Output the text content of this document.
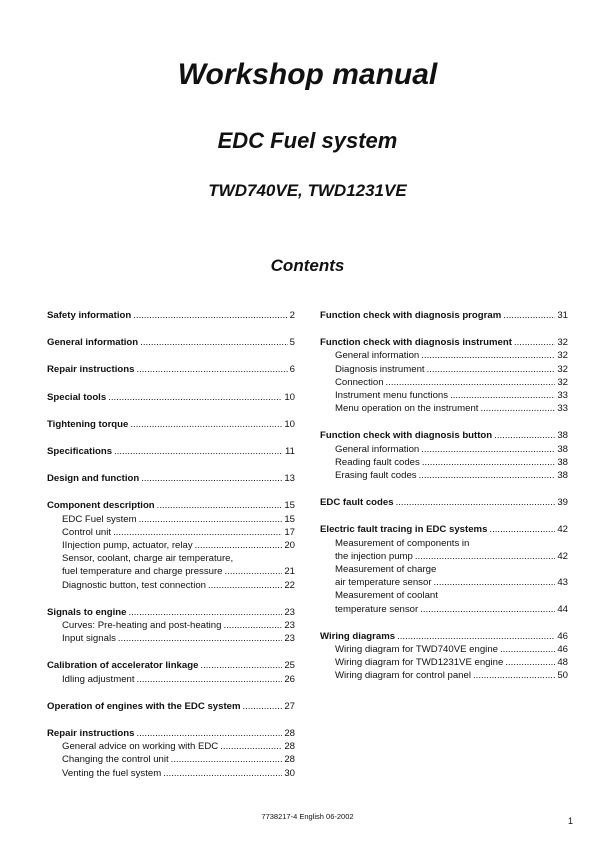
Workshop manual
EDC Fuel system
TWD740VE, TWD1231VE
Contents
Safety information .....	2
General information .....	5
Repair instructions .....	6
Special tools .....	10
Tightening torque .....	10
Specifications .....	11
Design and function .....	13
Component description .....	15
EDC Fuel system .....	15
Control unit .....	17
IInjection pump, actuator, relay .....	20
Sensor, coolant, charge air temperature,
fuel temperature and charge pressure .....	21
Diagnostic button, test connection .....	22
Signals to engine .....	23
Curves: Pre-heating and post-heating .....	23
Input signals .....	23
Calibration of accelerator linkage .....	25
Idling adjustment .....	26
Operation of engines with the EDC system .....	27
Repair instructions .....	28
General advice on working with EDC .....	28
Changing the control unit .....	28
Venting the fuel system .....	30
Function check with diagnosis program .....	31
Function check with diagnosis instrument .....	32
General information .....	32
Diagnosis instrument .....	32
Connection .....	32
Instrument menu functions .....	33
Menu operation on the instrument .....	33
Function check with diagnosis button .....	38
General information .....	38
Reading fault codes .....	38
Erasing fault codes .....	38
EDC fault codes .....	39
Electric fault tracing in EDC systems .....	42
Measurement of components in
the injection pump .....	42
Measurement of charge
air temperature sensor .....	43
Measurement of coolant
temperature sensor .....	44
Wiring diagrams .....	46
Wiring diagram for TWD740VE engine .....	46
Wiring diagram for TWD1231VE engine .....	48
Wiring diagram for control panel .....	50
7738217-4 English 06-2002	1
